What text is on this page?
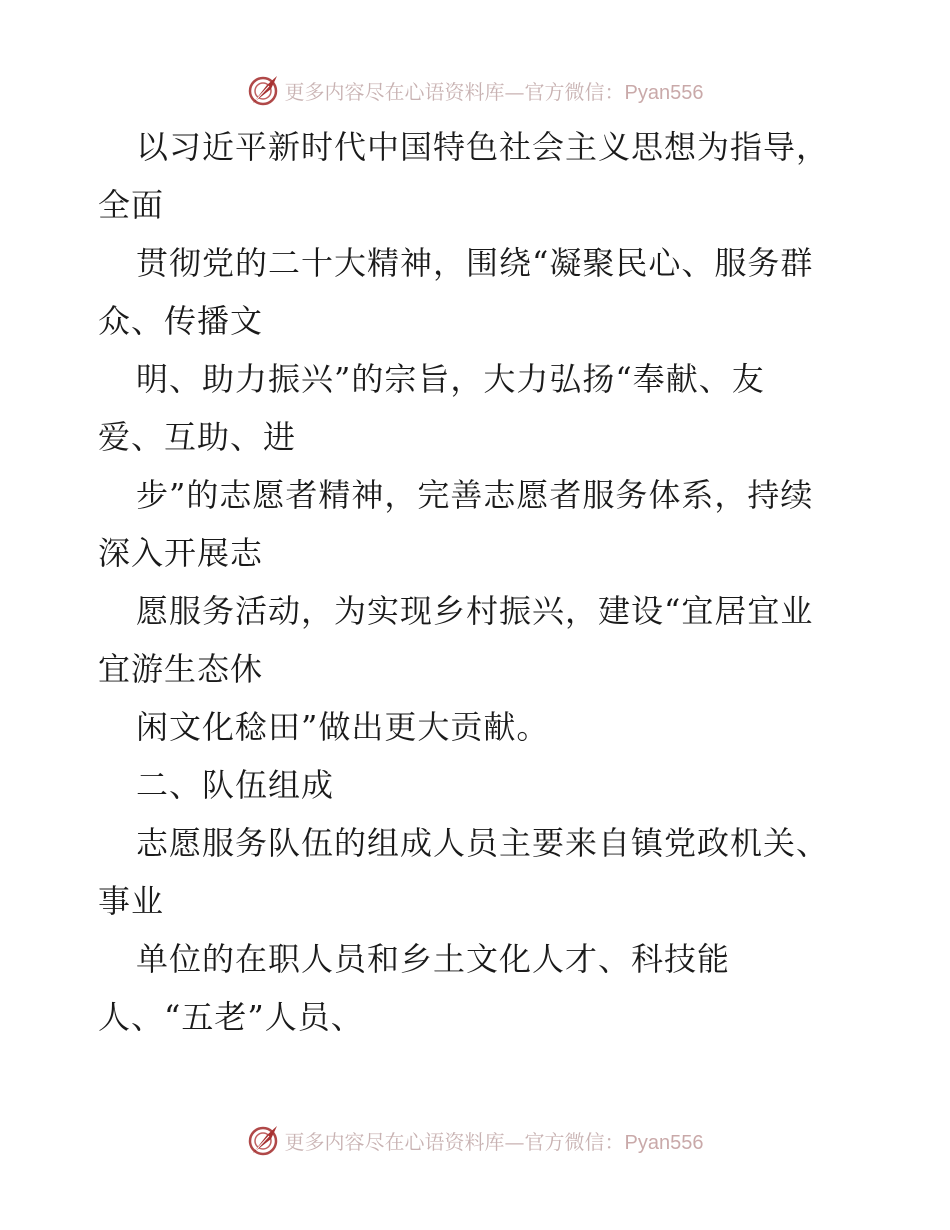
更多内容尽在心语资料库—官方微信：Pyan556
以习近平新时代中国特色社会主义思想为指导，
全面
贯彻党的二十大精神，围绕“凝聚民心、服务群
众、传播文
明、助力振兴”的宗旨，大力弘扬“奉献、友
爱、互助、进
步”的志愿者精神，完善志愿者服务体系，持续
深入开展志
愿服务活动，为实现乡村振兴，建设“宜居宜业
宜游生态休
闲文化稔田”做出更大贡献。
二、队伍组成
志愿服务队伍的组成人员主要来自镇党政机关、
事业
单位的在职人员和乡土文化人才、科技能
人、“五老”人员、
更多内容尽在心语资料库—官方微信：Pyan556
